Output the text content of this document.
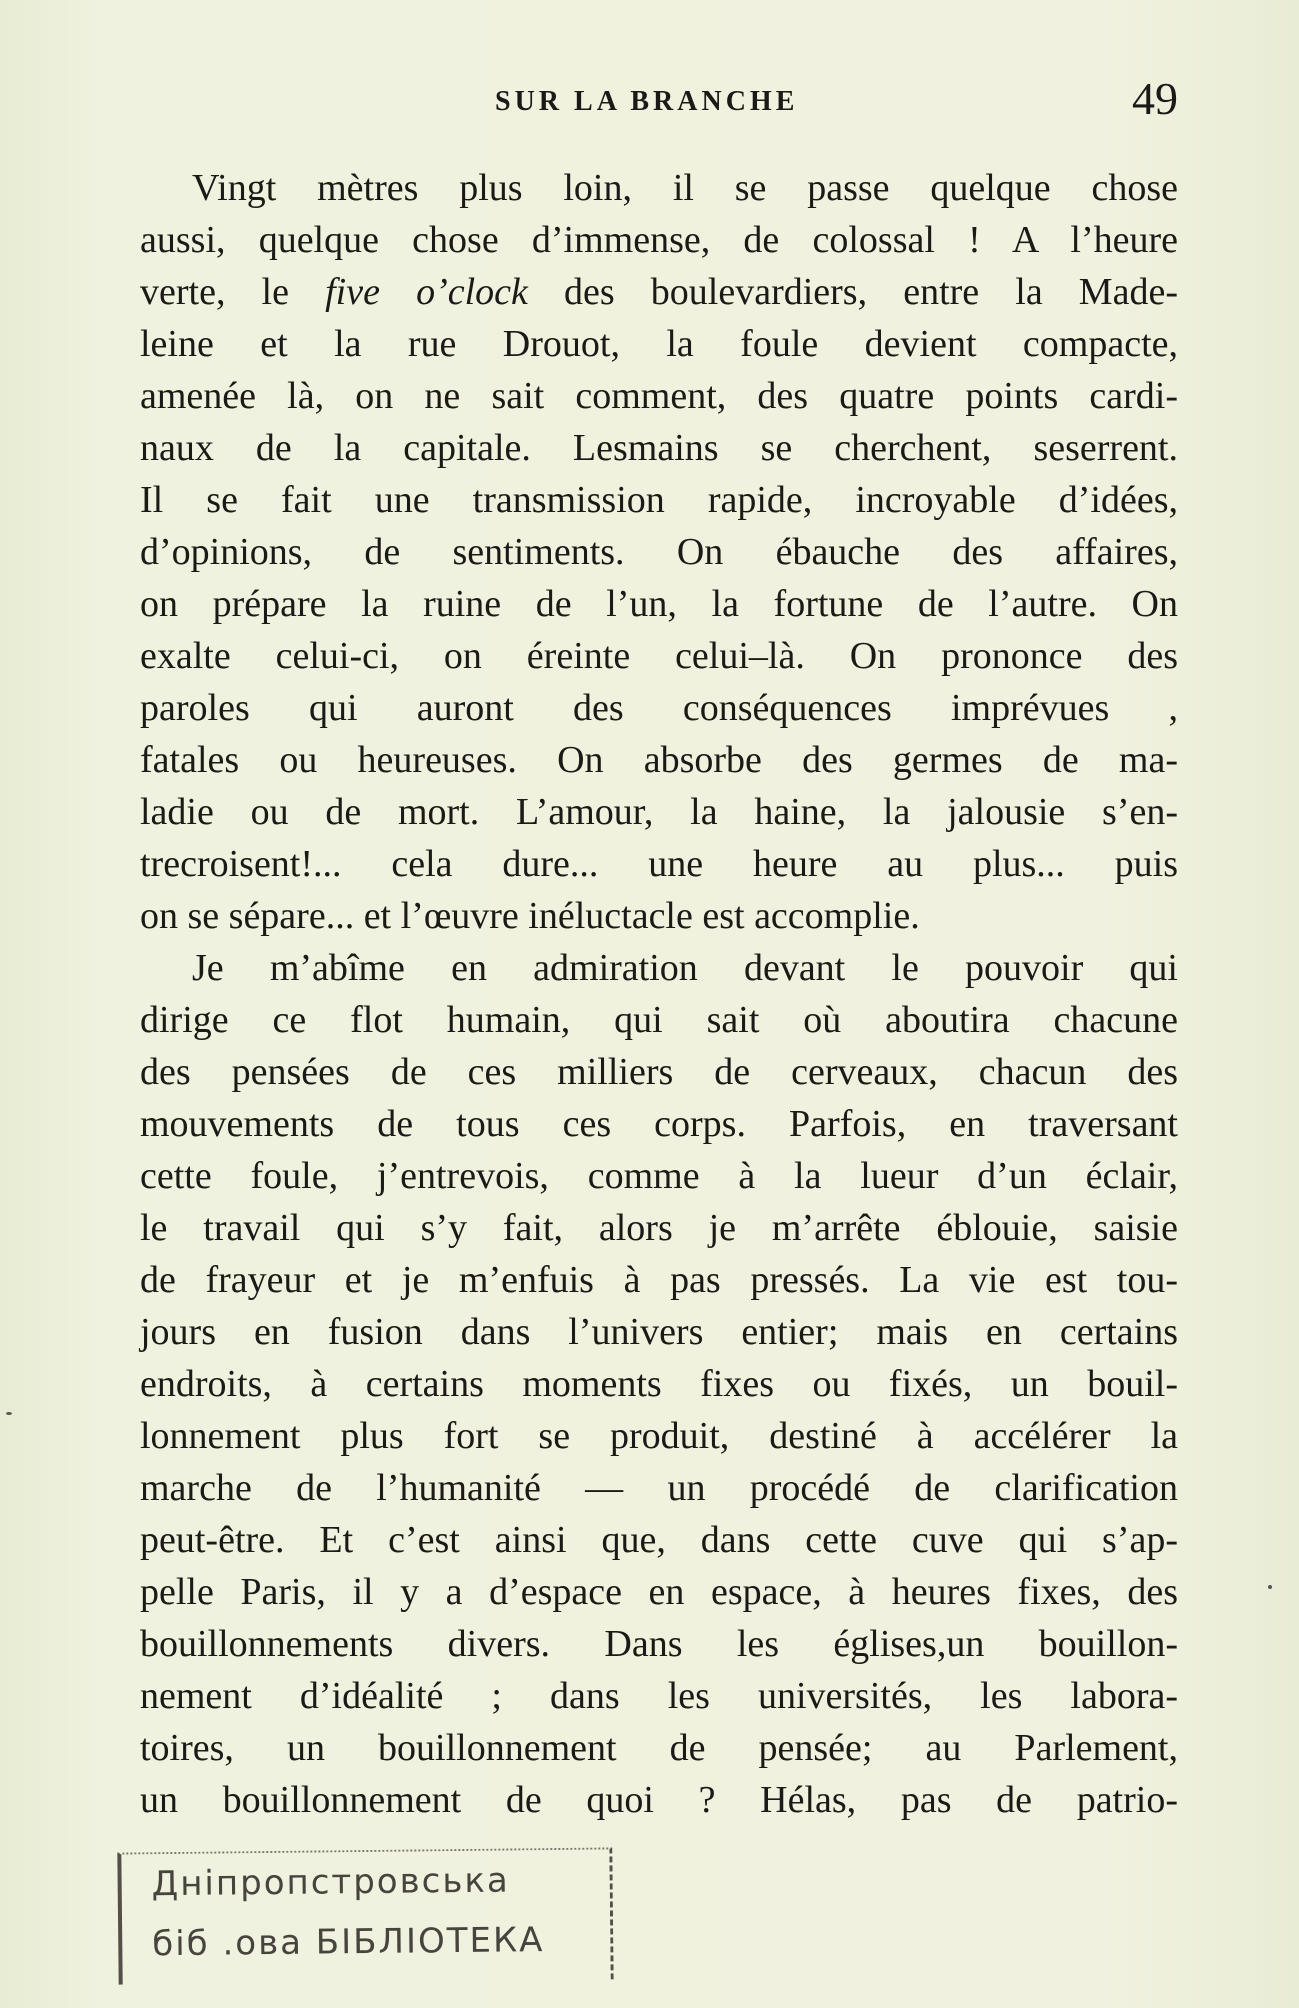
SUR LA BRANCHE	49
Vingt mètres plus loin, il se passe quelque chose
aussi, quelque chose d’immense, de colossal ! A l’heure
verte, le five o’clock des boulevardiers, entre la Made-
leine et la rue Drouot, la foule devient compacte,
amenée là, on ne sait comment, des quatre points cardi-
naux de la capitale. Lesmains se cherchent, seserrent.
Il se fait une transmission rapide, incroyable d’idées,
d’opinions, de sentiments. On ébauche des affaires,
on prépare la ruine de l’un, la fortune de l’autre. On
exalte celui-ci, on éreinte celui–là. On prononce des
paroles qui auront des conséquences imprévues ,
fatales ou heureuses. On absorbe des germes de ma-
ladie ou de mort. L’amour, la haine, la jalousie s’en-
trecroisent!... cela dure... une heure au plus... puis
on se sépare... et l’œuvre inéluctacle est accomplie.
Je m’abîme en admiration devant le pouvoir qui
dirige ce flot humain, qui sait où aboutira chacune
des pensées de ces milliers de cerveaux, chacun des
mouvements de tous ces corps. Parfois, en traversant
cette foule, j’entrevois, comme à la lueur d’un éclair,
le travail qui s’y fait, alors je m’arrête éblouie, saisie
de frayeur et je m’enfuis à pas pressés. La vie est tou-
jours en fusion dans l’univers entier; mais en certains
endroits, à certains moments fixes ou fixés, un bouil-
lonnement plus fort se produit, destiné à accélérer la
marche de l’humanité — un procédé de clarification
peut-être. Et c’est ainsi que, dans cette cuve qui s’ap-
pelle Paris, il y a d’espace en espace, à heures fixes, des
bouillonnements divers. Dans les églises,un bouillon-
nement d’idéalité ; dans les universités, les labora-
toires, un bouillonnement de pensée; au Parlement,
un bouillonnement de quoi ? Hélas, pas de patrio-
Дніпропстровська
біб .ова БІБЛІОТЕКА
